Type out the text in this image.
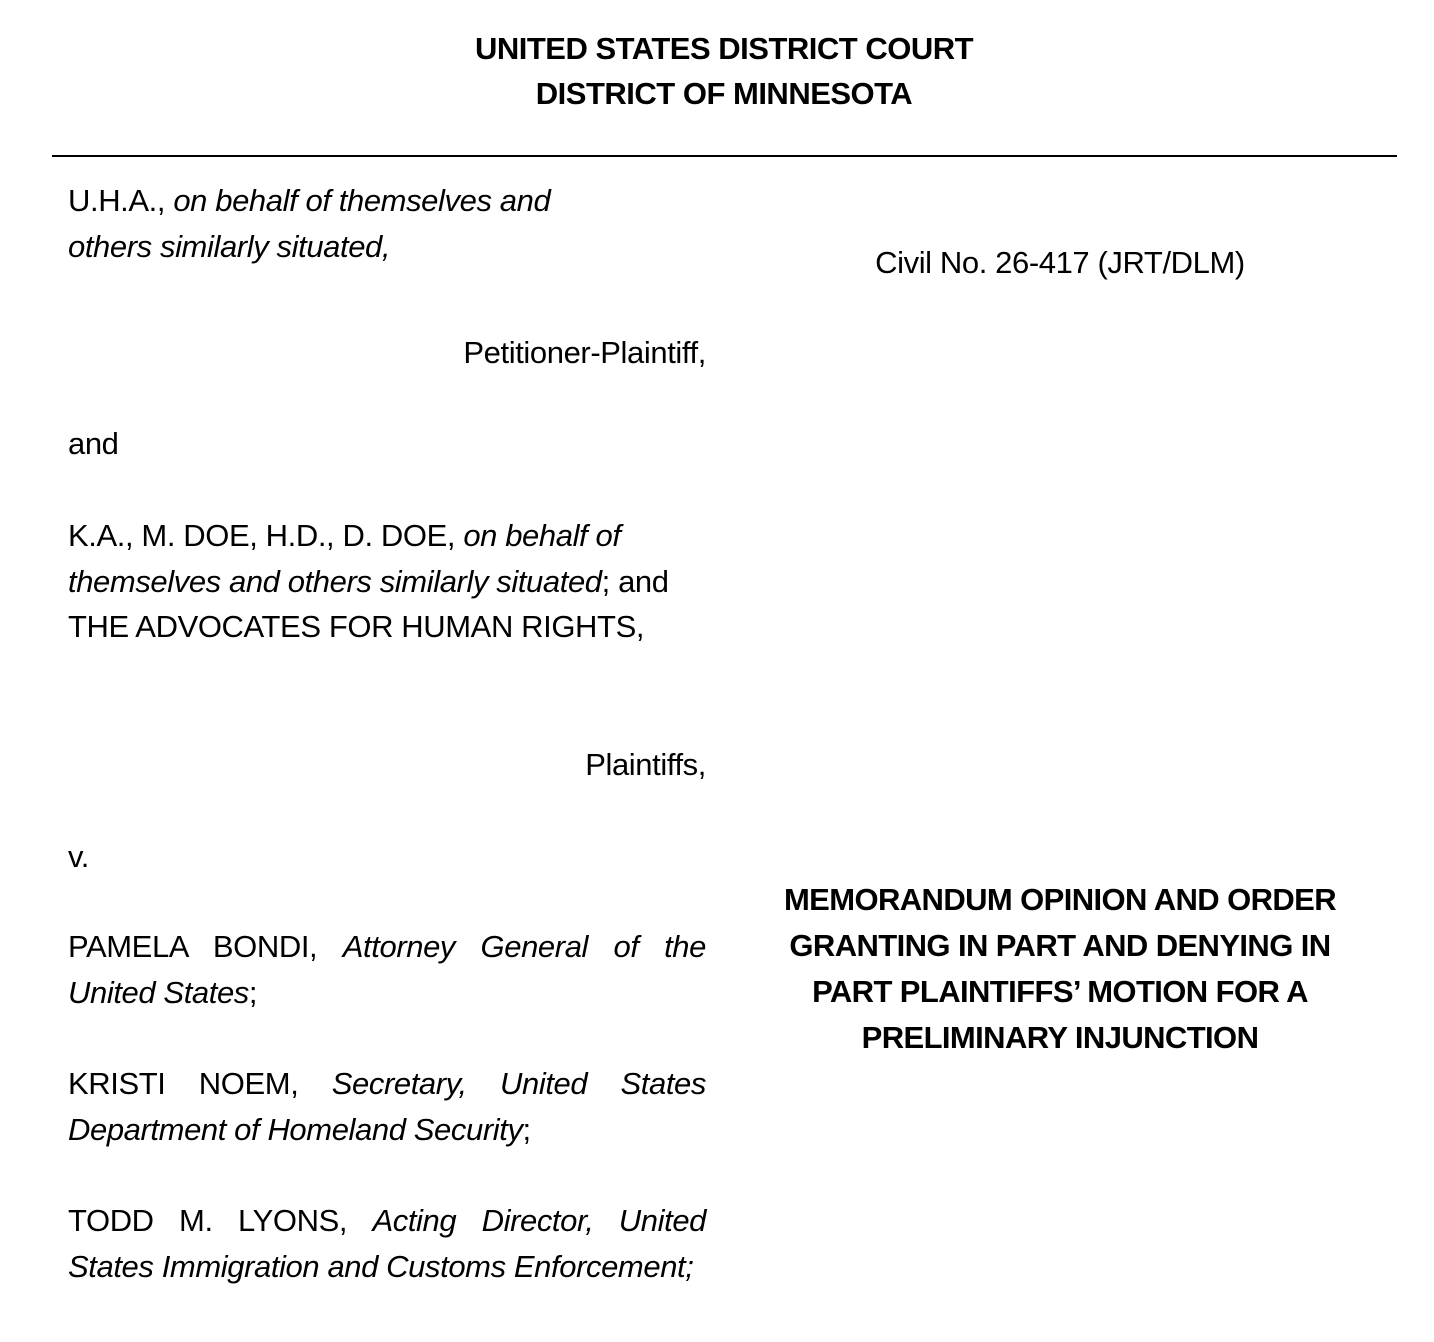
UNITED STATES DISTRICT COURT
DISTRICT OF MINNESOTA
U.H.A., on behalf of themselves and others similarly situated,
Petitioner-Plaintiff,
and
K.A., M. DOE, H.D., D. DOE, on behalf of themselves and others similarly situated; and THE ADVOCATES FOR HUMAN RIGHTS,
Plaintiffs,
v.
PAMELA BONDI, Attorney General of the United States;
KRISTI NOEM, Secretary, United States Department of Homeland Security;
TODD M. LYONS, Acting Director, United States Immigration and Customs Enforcement;
Civil No. 26-417 (JRT/DLM)
MEMORANDUM OPINION AND ORDER
GRANTING IN PART AND DENYING IN
PART PLAINTIFFS’ MOTION FOR A
PRELIMINARY INJUNCTION
